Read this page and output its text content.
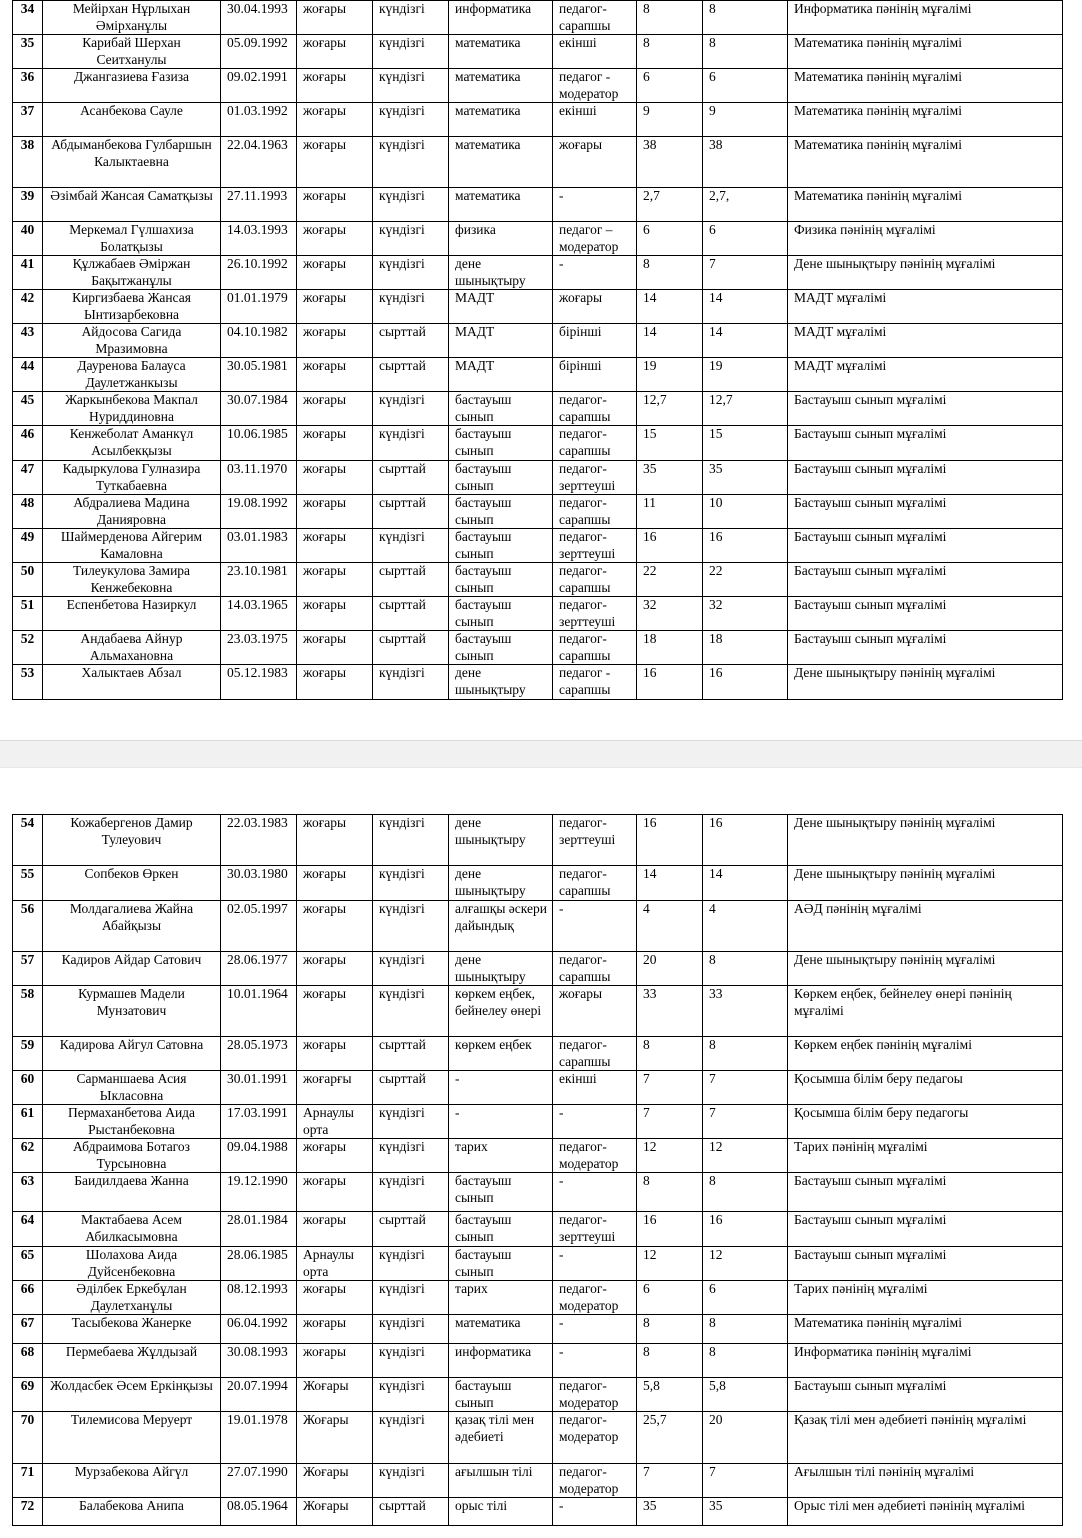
34	Мейірхан Нұрлыхан Әмірханұлы	30.04.1993	жоғары	күндізгі	информатика	педагог-сарапшы	8	8	Информатика пәнінің мұғалімі
35	Карибай Шерхан Сеитханулы	05.09.1992	жоғары	күндізгі	математика	екінші	8	8	Математика пәнінің мұғалімі
36	Джангазиева Ғазиза	09.02.1991	жоғары	күндізгі	математика	педагог - модератор	6	6	Математика пәнінің мұғалімі
37	Асанбекова Сауле	01.03.1992	жоғары	күндізгі	математика	екінші	9	9	Математика пәнінің мұғалімі
38	Абдыманбекова Гулбаршын Калыктаевна	22.04.1963	жоғары	күндізгі	математика	жоғары	38	38	Математика пәнінің мұғалімі
39	Әзімбай Жансая Саматқызы	27.11.1993	жоғары	күндізгі	математика	-	2,7	2,7,	Математика пәнінің мұғалімі
40	Меркемал Гүлшахиза Болатқызы	14.03.1993	жоғары	күндізгі	физика	педагог – модератор	6	6	Физика пәнінің мұғалімі
41	Құлжабаев Әміржан Бақытжанұлы	26.10.1992	жоғары	күндізгі	дене шынықтыру	-	8	7	Дене шынықтыру пәнінің мұғалімі
42	Киргизбаева Жансая Ынтизарбековна	01.01.1979	жоғары	күндізгі	МАДТ	жоғары	14	14	МАДТ мұғалімі
43	Айдосова Сагида Мразимовна	04.10.1982	жоғары	сырттай	МАДТ	бірінші	14	14	МАДТ мұғалімі
44	Дауренова Балауса Даулетжанкызы	30.05.1981	жоғары	сырттай	МАДТ	бірінші	19	19	МАДТ мұғалімі
45	Жаркынбекова Макпал Нуриддиновна	30.07.1984	жоғары	күндізгі	бастауыш сынып	педагог-сарапшы	12,7	12,7	Бастауыш сынып мұғалімі
46	Кенжеболат Аманкүл Асылбекқызы	10.06.1985	жоғары	күндізгі	бастауыш сынып	педагог-сарапшы	15	15	Бастауыш сынып мұғалімі
47	Кадыркулова Гулназира Туткабаевна	03.11.1970	жоғары	сырттай	бастауыш сынып	педагог-зерттеуші	35	35	Бастауыш сынып мұғалімі
48	Абдралиева Мадина Данияровна	19.08.1992	жоғары	сырттай	бастауыш сынып	педагог-сарапшы	11	10	Бастауыш сынып мұғалімі
49	Шаймерденова Айгерим Камаловна	03.01.1983	жоғары	күндізгі	бастауыш сынып	педагог-зерттеуші	16	16	Бастауыш сынып мұғалімі
50	Тилеукулова Замира Кенжебековна	23.10.1981	жоғары	сырттай	бастауыш сынып	педагог-сарапшы	22	22	Бастауыш сынып мұғалімі
51	Еспенбетова Назиркул	14.03.1965	жоғары	сырттай	бастауыш сынып	педагог-зерттеуші	32	32	Бастауыш сынып мұғалімі
52	Андабаева Айнур Альмахановна	23.03.1975	жоғары	сырттай	бастауыш сынып	педагог-сарапшы	18	18	Бастауыш сынып мұғалімі
53	Халыктаев Абзал	05.12.1983	жоғары	күндізгі	дене шынықтыру	педагог - сарапшы	16	16	Дене шынықтыру пәнінің мұғалімі
54	Кожабергенов Дамир Тулеуович	22.03.1983	жоғары	күндізгі	дене шынықтыру	педагог-зерттеуші	16	16	Дене шынықтыру пәнінің мұғалімі
55	Сопбеков Өркен	30.03.1980	жоғары	күндізгі	дене шынықтыру	педагог-сарапшы	14	14	Дене шынықтыру пәнінің мұғалімі
56	Молдагалиева Жайна Абайқызы	02.05.1997	жоғары	күндізгі	алғашқы әскери дайындық	-	4	4	АӘД пәнінің мұғалімі
57	Кадиров Айдар Сатович	28.06.1977	жоғары	күндізгі	дене шынықтыру	педагог-сарапшы	20	8	Дене шынықтыру пәнінің мұғалімі
58	Курмашев Мадели Мунзатович	10.01.1964	жоғары	күндізгі	көркем еңбек, бейнелеу өнері	жоғары	33	33	Көркем еңбек, бейнелеу өнері пәнінің мұғалімі
59	Кадирова Айгул Сатовна	28.05.1973	жоғары	сырттай	көркем еңбек	педагог-сарапшы	8	8	Көркем еңбек пәнінің мұғалімі
60	Сарманшаева Асия Ыкласовна	30.01.1991	жоғарғы	сырттай	-	екінші	7	7	Қосымша білім беру педагоы
61	Пермаханбетова Аида Рыстанбековна	17.03.1991	Арнаулы орта	күндізгі	-	-	7	7	Қосымша білім беру педагогы
62	Абдраимова Ботагоз Турсыновна	09.04.1988	жоғары	күндізгі	тарих	педагог-модератор	12	12	Тарих пәнінің мұғалімі
63	Баидилдаева Жанна	19.12.1990	жоғары	күндізгі	бастауыш сынып	-	8	8	Бастауыш сынып мұғалімі
64	Мактабаева Асем Абилкасымовна	28.01.1984	жоғары	сырттай	бастауыш сынып	педагог-зерттеуші	16	16	Бастауыш сынып мұғалімі
65	Шолахова Аида Дуйсенбековна	28.06.1985	Арнаулы орта	күндізгі	бастауыш сынып	-	12	12	Бастауыш сынып мұғалімі
66	Әділбек Еркебұлан Даулетханұлы	08.12.1993	жоғары	күндізгі	тарих	педагог-модератор	6	6	Тарих пәнінің мұғалімі
67	Тасыбекова Жанерке	06.04.1992	жоғары	күндізгі	математика	-	8	8	Математика пәнінің мұғалімі
68	Пермебаева Жұлдызай	30.08.1993	жоғары	күндізгі	информатика	-	8	8	Информатика пәнінің мұғалімі
69	Жолдасбек Әсем Еркінқызы	20.07.1994	Жоғары	күндізгі	бастауыш сынып	педагог-модератор	5,8	5,8	Бастауыш сынып мұғалімі
70	Тилемисова Меруерт	19.01.1978	Жоғары	күндізгі	қазақ тілі мен әдебиеті	педагог-модератор	25,7	20	Қазақ тілі мен әдебиеті пәнінің мұғалімі
71	Мурзабекова Айгүл	27.07.1990	Жоғары	күндізгі	ағылшын тілі	педагог-модератор	7	7	Ағылшын тілі пәнінің мұғалімі
72	Балабекова Анипа	08.05.1964	Жоғары	сырттай	орыс тілі	-	35	35	Орыс тілі мен әдебиеті пәнінің мұғалімі
